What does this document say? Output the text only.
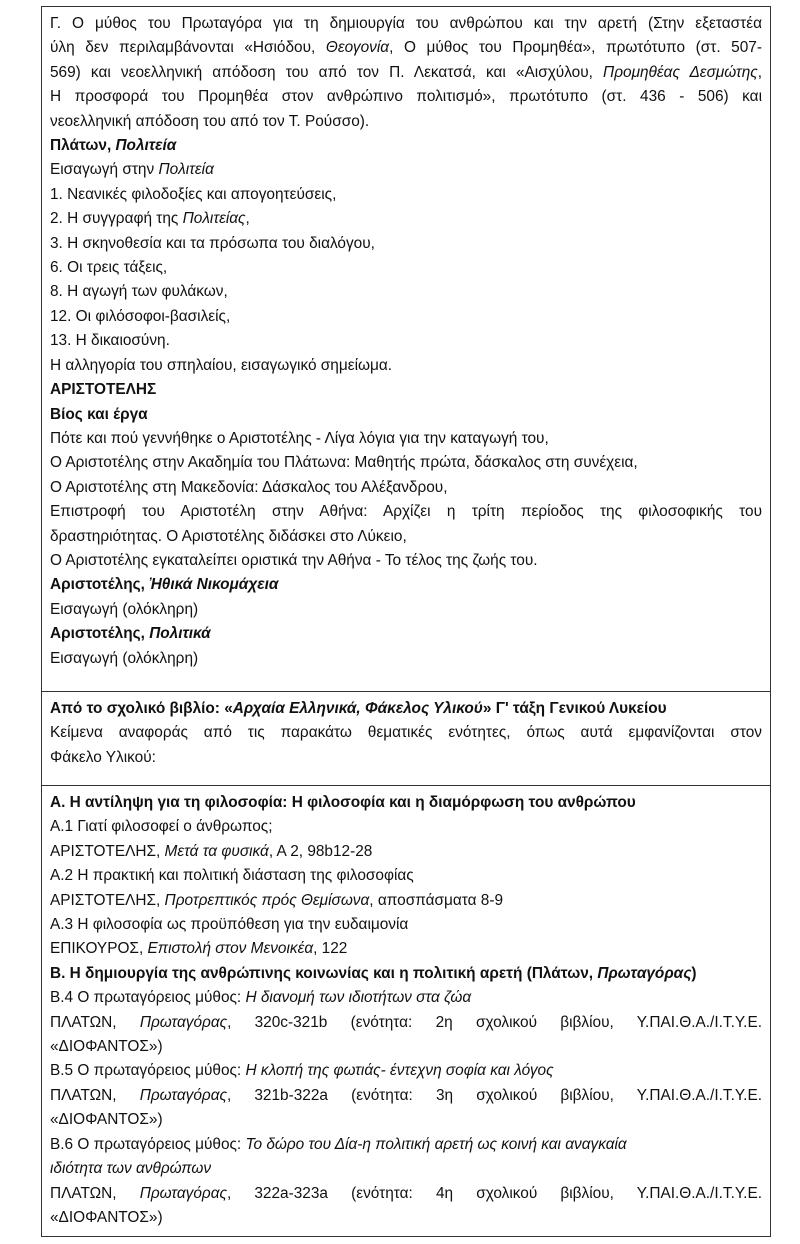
Γ. Ο μύθος του Πρωταγόρα για τη δημιουργία του ανθρώπου και την αρετή (Στην εξεταστέα
ύλη δεν περιλαμβάνονται «Ησιόδου, Θεογονία, Ο μύθος του Προμηθέα», πρωτότυπο (στ. 507-
569) και νεοελληνική απόδοση του από τον Π. Λεκατσά, και «Αισχύλου, Προμηθέας Δεσμώτης,
Η προσφορά του Προμηθέα στον ανθρώπινο πολιτισμό», πρωτότυπο (στ. 436 - 506) και
νεοελληνική απόδοση του από τον Τ. Ρούσσο).
Πλάτων, Πολιτεία
Εισαγωγή στην Πολιτεία
1. Νεανικές φιλοδοξίες και απογοητεύσεις,
2. Η συγγραφή της Πολιτείας,
3. Η σκηνοθεσία και τα πρόσωπα του διαλόγου,
6. Οι τρεις τάξεις,
8. Η αγωγή των φυλάκων,
12. Οι φιλόσοφοι-βασιλείς,
13. Η δικαιοσύνη.
Η αλληγορία του σπηλαίου, εισαγωγικό σημείωμα.
ΑΡΙΣΤΟΤΕΛΗΣ
Βίος και έργα
Πότε και πού γεννήθηκε ο Αριστοτέλης - Λίγα λόγια για την καταγωγή του,
Ο Αριστοτέλης στην Ακαδημία του Πλάτωνα: Μαθητής πρώτα, δάσκαλος στη συνέχεια,
Ο Αριστοτέλης στη Μακεδονία: Δάσκαλος του Αλέξανδρου,
Επιστροφή του Αριστοτέλη στην Αθήνα: Αρχίζει η τρίτη περίοδος της φιλοσοφικής του
δραστηριότητας. Ο Αριστοτέλης διδάσκει στο Λύκειο,
Ο Αριστοτέλης εγκαταλείπει οριστικά την Αθήνα - Το τέλος της ζωής του.
Αριστοτέλης, Ἠθικά Νικομάχεια
Εισαγωγή (ολόκληρη)
Αριστοτέλης, Πολιτικά
Εισαγωγή (ολόκληρη)
Από το σχολικό βιβλίο: «Αρχαία Ελληνικά, Φάκελος Υλικού» Γ' τάξη Γενικού Λυκείου
Κείμενα αναφοράς από τις παρακάτω θεματικές ενότητες, όπως αυτά εμφανίζονται στον
Φάκελο Υλικού:
Α. Η αντίληψη για τη φιλοσοφία: Η φιλοσοφία και η διαμόρφωση του ανθρώπου
Α.1 Γιατί φιλοσοφεί ο άνθρωπος;
ΑΡΙΣΤΟΤΕΛΗΣ, Μετά τα φυσικά, Α 2, 98b12-28
Α.2 Η πρακτική και πολιτική διάσταση της φιλοσοφίας
ΑΡΙΣΤΟΤΕΛΗΣ, Προτρεπτικός πρός Θεμίσωνα, αποσπάσματα 8-9
Α.3 Η φιλοσοφία ως προϋπόθεση για την ευδαιμονία
ΕΠΙΚΟΥΡΟΣ, Επιστολή στον Μενοικέα, 122
Β. Η δημιουργία της ανθρώπινης κοινωνίας και η πολιτική αρετή (Πλάτων, Πρωταγόρας)
Β.4 Ο πρωταγόρειος μύθος: Η διανομή των ιδιοτήτων στα ζώα
ΠΛΑΤΩΝ, Πρωταγόρας, 320c-321b (ενότητα: 2η σχολικού βιβλίου, Υ.ΠΑΙ.Θ.Α./Ι.Τ.Υ.Ε.
«ΔΙΟΦΑΝΤΟΣ»)
Β.5 Ο πρωταγόρειος μύθος: Η κλοπή της φωτιάς- έντεχνη σοφία και λόγος
ΠΛΑΤΩΝ, Πρωταγόρας, 321b-322a (ενότητα: 3η σχολικού βιβλίου, Υ.ΠΑΙ.Θ.Α./Ι.Τ.Υ.Ε.
«ΔΙΟΦΑΝΤΟΣ»)
Β.6 Ο πρωταγόρειος μύθος: Το δώρο του Δία-η πολιτική αρετή ως κοινή και αναγκαία
ιδιότητα των ανθρώπων
ΠΛΑΤΩΝ, Πρωταγόρας, 322a-323a (ενότητα: 4η σχολικού βιβλίου, Υ.ΠΑΙ.Θ.Α./Ι.Τ.Υ.Ε.
«ΔΙΟΦΑΝΤΟΣ»)
